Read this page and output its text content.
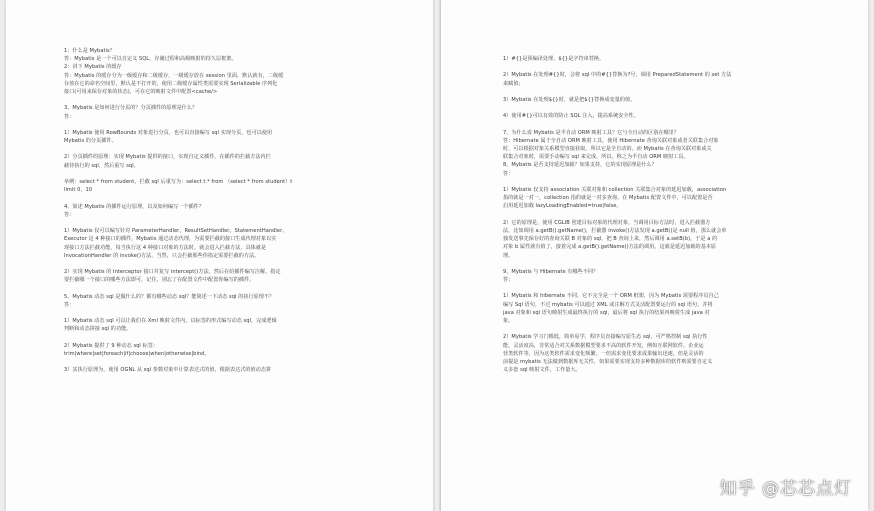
1：什么是 Mybatis？
答：Mybatis 是一个可以自定义 SQL、存储过程和高级映射的持久层框架。
2：讲下 Mybatis 的缓存
答：Mybatis 的缓存分为一级缓存和二级缓存，一级缓存放在 session 里面，默认就有，二级缓
存放在它的命名空间里，默认是不打开的，使用二级缓存属性类需要实现 Serializable 序列化
接口(可用来保存对象的状态)，可在它的映射文件中配置<cache/>
3、Mybatis 是如何进行分页的？分页插件的原理是什么？
答：
1）Mybatis 使用 RowBounds 对象进行分页，也可以直接编写 sql 实现分页，也可以使用
Mybatis 的分页插件。
2）分页插件的原理：实现 Mybatis 提供的接口，实现自定义插件，在插件的拦截方法内拦
截待执行的 sql，然后重写 sql。
举例：select * from student，拦截 sql 后重写为：select t.* from （select * from student）t
limit 0，10
4、简述 Mybatis 的插件运行原理，以及如何编写一个插件？
答：
1）Mybatis 仅可以编写针对 ParameterHandler、ResultSetHandler、StatementHandler、
Executor 这 4 种接口的插件，Mybatis 通过动态代理，为需要拦截的接口生成代理对象以实
现接口方法拦截功能，每当执行这 4 种接口对象的方法时，就会进入拦截方法，具体就是
InvocationHandler 的 invoke()方法，当然，只会拦截那些你指定需要拦截的方法。
2）实现 Mybatis 的 Interceptor 接口并复写 intercept()方法，然后在给插件编写注解，指定
要拦截哪一个接口的哪些方法即可，记住，别忘了在配置文件中配置你编写的插件。
5、Mybatis 动态 sql 是做什么的？都有哪些动态 sql？能简述一下动态 sql 的执行原理不？
答：
1）Mybatis 动态 sql 可以让我们在 Xml 映射文件内，以标签的形式编写动态 sql，完成逻辑
判断和动态拼接 sql 的功能。
2）Mybatis 提供了 9 种动态 sql 标签：
trim|where|set|foreach|if|choose|when|otherwise|bind。
3）其执行原理为，使用 OGNL 从 sql 参数对象中计算表达式的值，根据表达式的值动态拼
1）#{}是预编译处理，${}是字符串替换。
2）Mybatis 在处理#{}时，会将 sql 中的#{}替换为?号，调用 PreparedStatement 的 set 方法
来赋值；
3）Mybatis 在处理${}时，就是把${}替换成变量的值。
4）使用#{}可以有效的防止 SQL 注入，提高系统安全性。
7、为什么说 Mybatis 是半自动 ORM 映射工具？它与全自动的区别在哪里？
答：Hibernate 属于全自动 ORM 映射工具，使用 Hibernate 查询关联对象或者关联集合对象
时，可以根据对象关系模型直接获取，所以它是全自动的。而 Mybatis 在查询关联对象或关
联集合对象时，需要手动编写 sql 来完成，所以，称之为半自动 ORM 映射工具。
8、Mybatis 是否支持延迟加载？如果支持，它的实现原理是什么？
答：
1）Mybatis 仅支持 association 关联对象和 collection 关联集合对象的延迟加载，association
指的就是一对一，collection 指的就是一对多查询。在 Mybatis 配置文件中，可以配置是否
启用延迟加载 lazyLoadingEnabled=true|false。
2）它的原理是，使用 CGLIB 创建目标对象的代理对象，当调用目标方法时，进入拦截器方
法，比如调用 a.getB().getName()，拦截器 invoke()方法发现 a.getB()是 null 值，那么就会单
独发送事先保存好的查询关联 B 对象的 sql，把 B 查询上来，然后调用 a.setB(b)，于是 a 的
对象 b 属性就有值了，接着完成 a.getB().getName()方法的调用。这就是延迟加载的基本原
理。
9、Mybatis 与 Hibernate 有哪些不同？
答：
1）Mybatis 和 hibernate 不同，它不完全是一个 ORM 框架，因为 Mybatis 需要程序员自己
编写 Sql 语句，不过 mybatis 可以通过 XML 或注解方式灵活配置要运行的 sql 语句，并将
java 对象和 sql 语句映射生成最终执行的 sql，最后将 sql 执行的结果再映射生成 java 对
象。
2）Mybatis 学习门槛低，简单易学，程序员直接编写原生态 sql，可严格控制 sql 执行性
能，灵活度高，非常适合对关系数据模型要求不高的软件开发，例如互联网软件、企业运
营类软件等，因为这类软件需求变化频繁，一但需求变化要求成果输出迅速。但是灵活的
前提是 mybatis 无法做到数据库无关性，如果需要实现支持多种数据库的软件则需要自定义
义多套 sql 映射文件，工作量大。
知乎 @芯芯点灯
